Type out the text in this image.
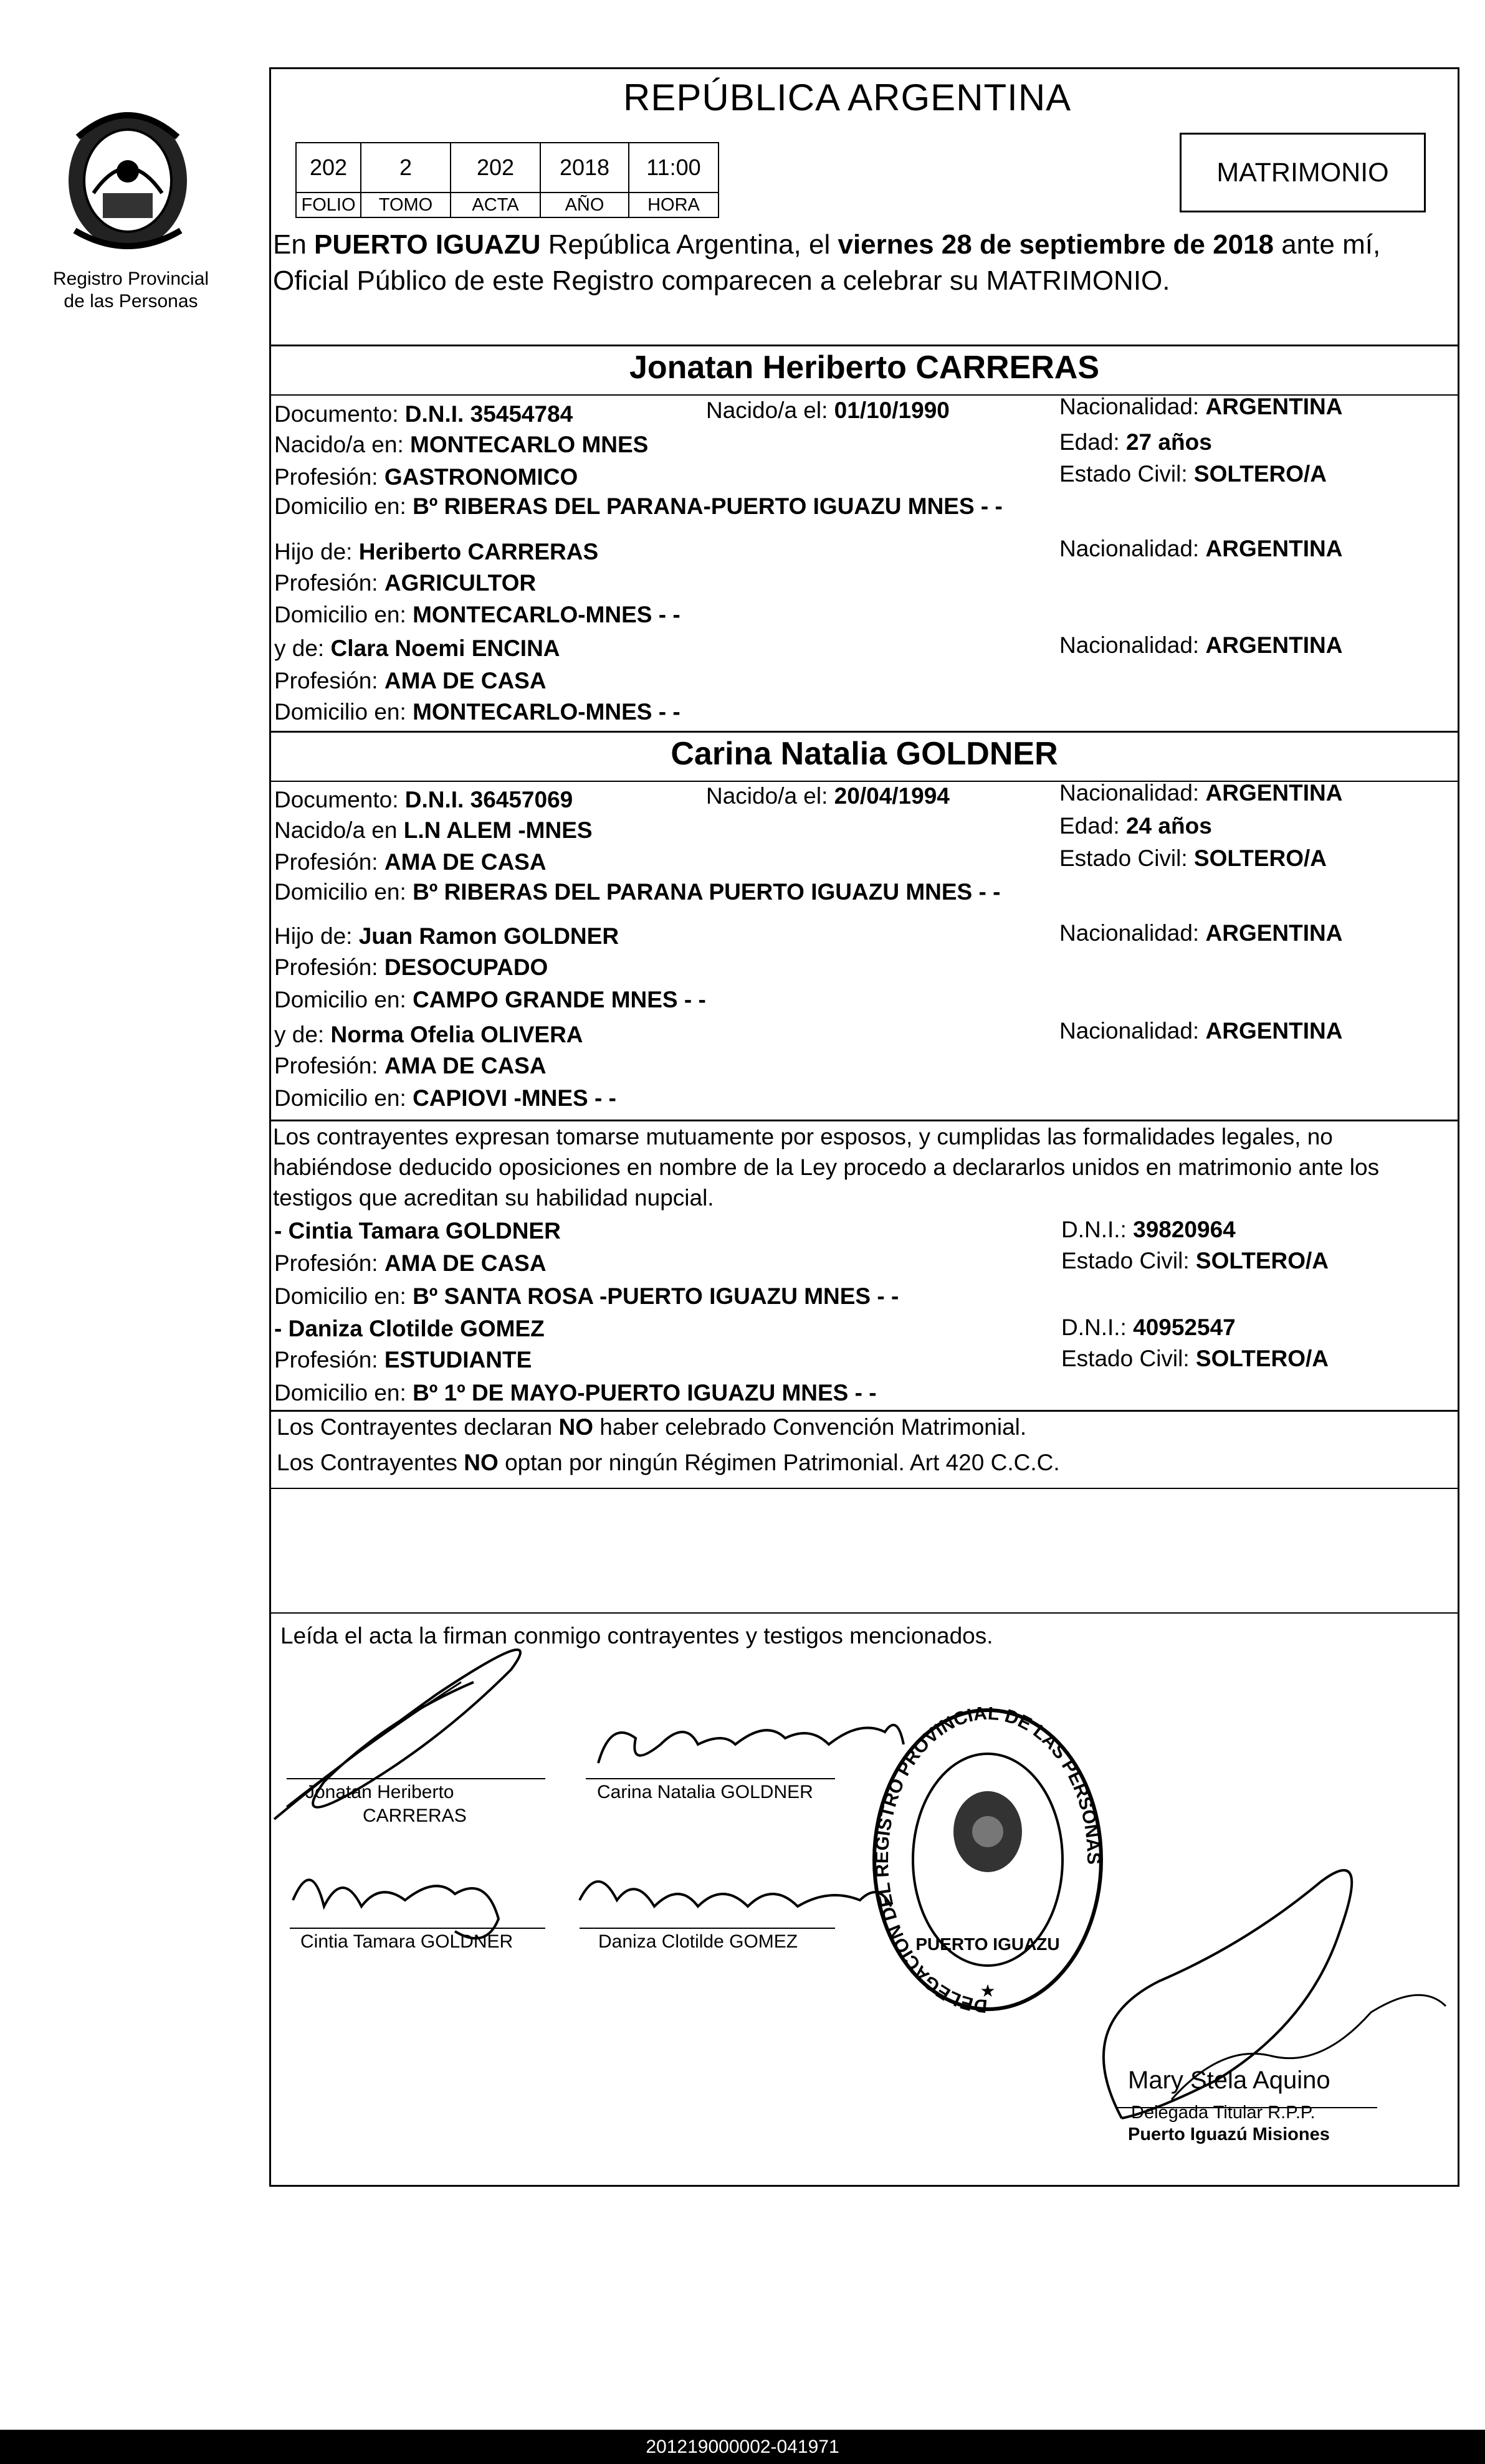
Registro Provincial
de las Personas
REPÚBLICA ARGENTINA
202	2	202	2018	11:00
FOLIO	TOMO	ACTA	AÑO	HORA
MATRIMONIO
En PUERTO IGUAZU República Argentina, el viernes 28 de septiembre de 2018 ante mí, Oficial Público de este Registro comparecen a celebrar su MATRIMONIO.
Jonatan Heriberto CARRERAS
Documento: D.N.I. 35454784	Nacido/a el: 01/10/1990	Nacionalidad: ARGENTINA
Nacido/a en: MONTECARLO MNES	Edad: 27 años
Profesión: GASTRONOMICO	Estado Civil: SOLTERO/A
Domicilio en: Bº RIBERAS DEL PARANA-PUERTO IGUAZU MNES - -
Hijo de: Heriberto CARRERAS	Nacionalidad: ARGENTINA
Profesión: AGRICULTOR
Domicilio en: MONTECARLO-MNES - -
y de: Clara Noemi ENCINA	Nacionalidad: ARGENTINA
Profesión: AMA DE CASA
Domicilio en: MONTECARLO-MNES - -
Carina Natalia GOLDNER
Documento: D.N.I. 36457069	Nacido/a el: 20/04/1994	Nacionalidad: ARGENTINA
Nacido/a en L.N ALEM -MNES	Edad: 24 años
Profesión: AMA DE CASA	Estado Civil: SOLTERO/A
Domicilio en: Bº RIBERAS DEL PARANA PUERTO IGUAZU MNES - -
Hijo de: Juan Ramon GOLDNER	Nacionalidad: ARGENTINA
Profesión: DESOCUPADO
Domicilio en: CAMPO GRANDE MNES - -
y de: Norma Ofelia OLIVERA	Nacionalidad: ARGENTINA
Profesión: AMA DE CASA
Domicilio en: CAPIOVI -MNES - -
Los contrayentes expresan tomarse mutuamente por esposos, y cumplidas las formalidades legales, no habiéndose deducido oposiciones en nombre de la Ley procedo a declararlos unidos en matrimonio ante los testigos que acreditan su habilidad nupcial.
- Cintia Tamara GOLDNER	D.N.I.: 39820964
Profesión: AMA DE CASA	Estado Civil: SOLTERO/A
Domicilio en: Bº SANTA ROSA -PUERTO IGUAZU MNES - -
- Daniza Clotilde GOMEZ	D.N.I.: 40952547
Profesión: ESTUDIANTE	Estado Civil: SOLTERO/A
Domicilio en: Bº 1º DE MAYO-PUERTO IGUAZU MNES - -
Los Contrayentes declaran NO haber celebrado Convención Matrimonial.
Los Contrayentes NO optan por ningún Régimen Patrimonial. Art 420 C.C.C.
Leída el acta la firman conmigo contrayentes y testigos mencionados.
Jonatan Heriberto
CARRERAS
Carina Natalia GOLDNER
Cintia Tamara GOLDNER	Daniza Clotilde GOMEZ
DELEGACION DEL REGISTRO PROVINCIAL DE LAS PERSONAS
PUERTO IGUAZU
★
Mary Stela Aquino
Delegada Titular R.P.P.
Puerto Iguazú Misiones
201219000002-041971
